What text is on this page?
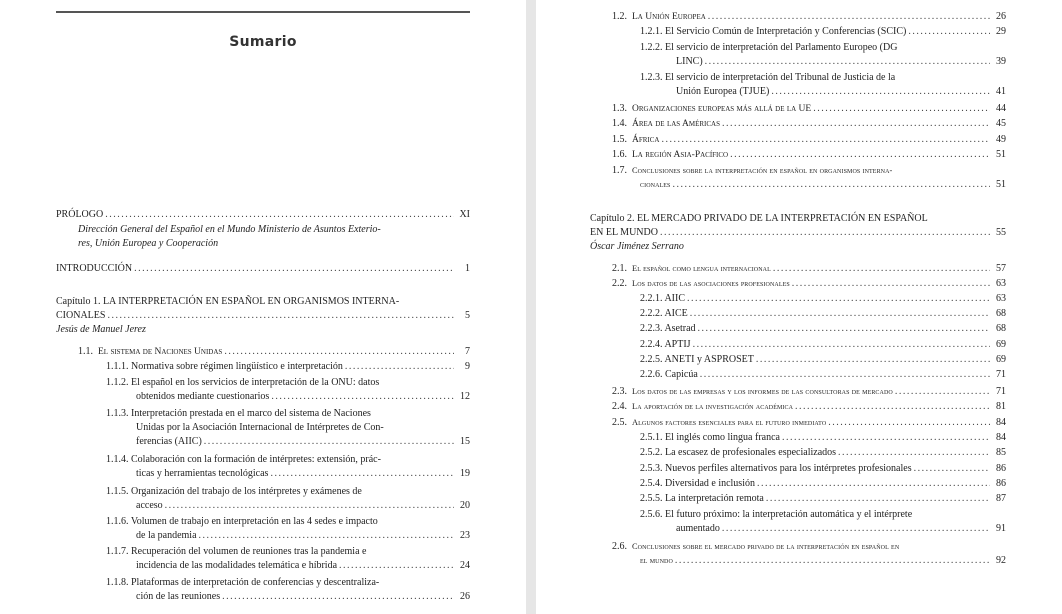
Sumario
PRÓLOGO . . .	XI
Dirección General del Español en el Mundo Ministerio de Asuntos Exterio-
res, Unión Europea y Cooperación
INTRODUCCIÓN . . .	1
Capítulo 1. LA INTERPRETACIÓN EN ESPAÑOL EN ORGANISMOS INTERNA-
CIONALES . . .	5
Jesús de Manuel Jerez
1.1. El sistema de Naciones Unidas . . .	7
1.1.1. Normativa sobre régimen lingüístico e interpretación . . .	9
1.1.2. El español en los servicios de interpretación de la ONU: datos
obtenidos mediante cuestionarios . . .	12
1.1.3. Interpretación prestada en el marco del sistema de Naciones
Unidas por la Asociación Internacional de Intérpretes de Con-
ferencias (AIIC) . . .	15
1.1.4. Colaboración con la formación de intérpretes: extensión, prác-
ticas y herramientas tecnológicas . . .	19
1.1.5. Organización del trabajo de los intérpretes y exámenes de
acceso . . .	20
1.1.6. Volumen de trabajo en interpretación en las 4 sedes e impacto
de la pandemia . . .	23
1.1.7. Recuperación del volumen de reuniones tras la pandemia e
incidencia de las modalidades telemática e híbrida . . .	24
1.1.8. Plataformas de interpretación de conferencias y descentraliza-
ción de las reuniones . . .	26
1.2. La Unión Europea . . .	26
1.2.1. El Servicio Común de Interpretación y Conferencias (SCIC) . . .	29
1.2.2. El servicio de interpretación del Parlamento Europeo (DG
LINC) . . .	39
1.2.3. El servicio de interpretación del Tribunal de Justicia de la
Unión Europea (TJUE) . . .	41
1.3. Organizaciones europeas más allá de la UE . . .	44
1.4. Área de las Américas . . .	45
1.5. África . . .	49
1.6. La región Asia-Pacífico . . .	51
1.7. Conclusiones sobre la interpretación en español en organismos interna-
cionales . . .	51
Capítulo 2. EL MERCADO PRIVADO DE LA INTERPRETACIÓN EN ESPAÑOL
EN EL MUNDO . . .	55
Óscar Jiménez Serrano
2.1. El español como lengua internacional . . .	57
2.2. Los datos de las asociaciones profesionales . . .	63
2.2.1. AIIC . . .	63
2.2.2. AICE . . .	68
2.2.3. Asetrad . . .	68
2.2.4. APTIJ . . .	69
2.2.5. ANETI y ASPROSET . . .	69
2.2.6. Capicúa . . .	71
2.3. Los datos de las empresas y los informes de las consultoras de mercado . . .	71
2.4. La aportación de la investigación académica . . .	81
2.5. Algunos factores esenciales para el futuro inmediato . . .	84
2.5.1. El inglés como lingua franca . . .	84
2.5.2. La escasez de profesionales especializados . . .	85
2.5.3. Nuevos perfiles alternativos para los intérpretes profesionales . . .	86
2.5.4. Diversidad e inclusión . . .	86
2.5.5. La interpretación remota . . .	87
2.5.6. El futuro próximo: la interpretación automática y el intérprete
aumentado . . .	91
2.6. Conclusiones sobre el mercado privado de la interpretación en español en
el mundo . . .	92
